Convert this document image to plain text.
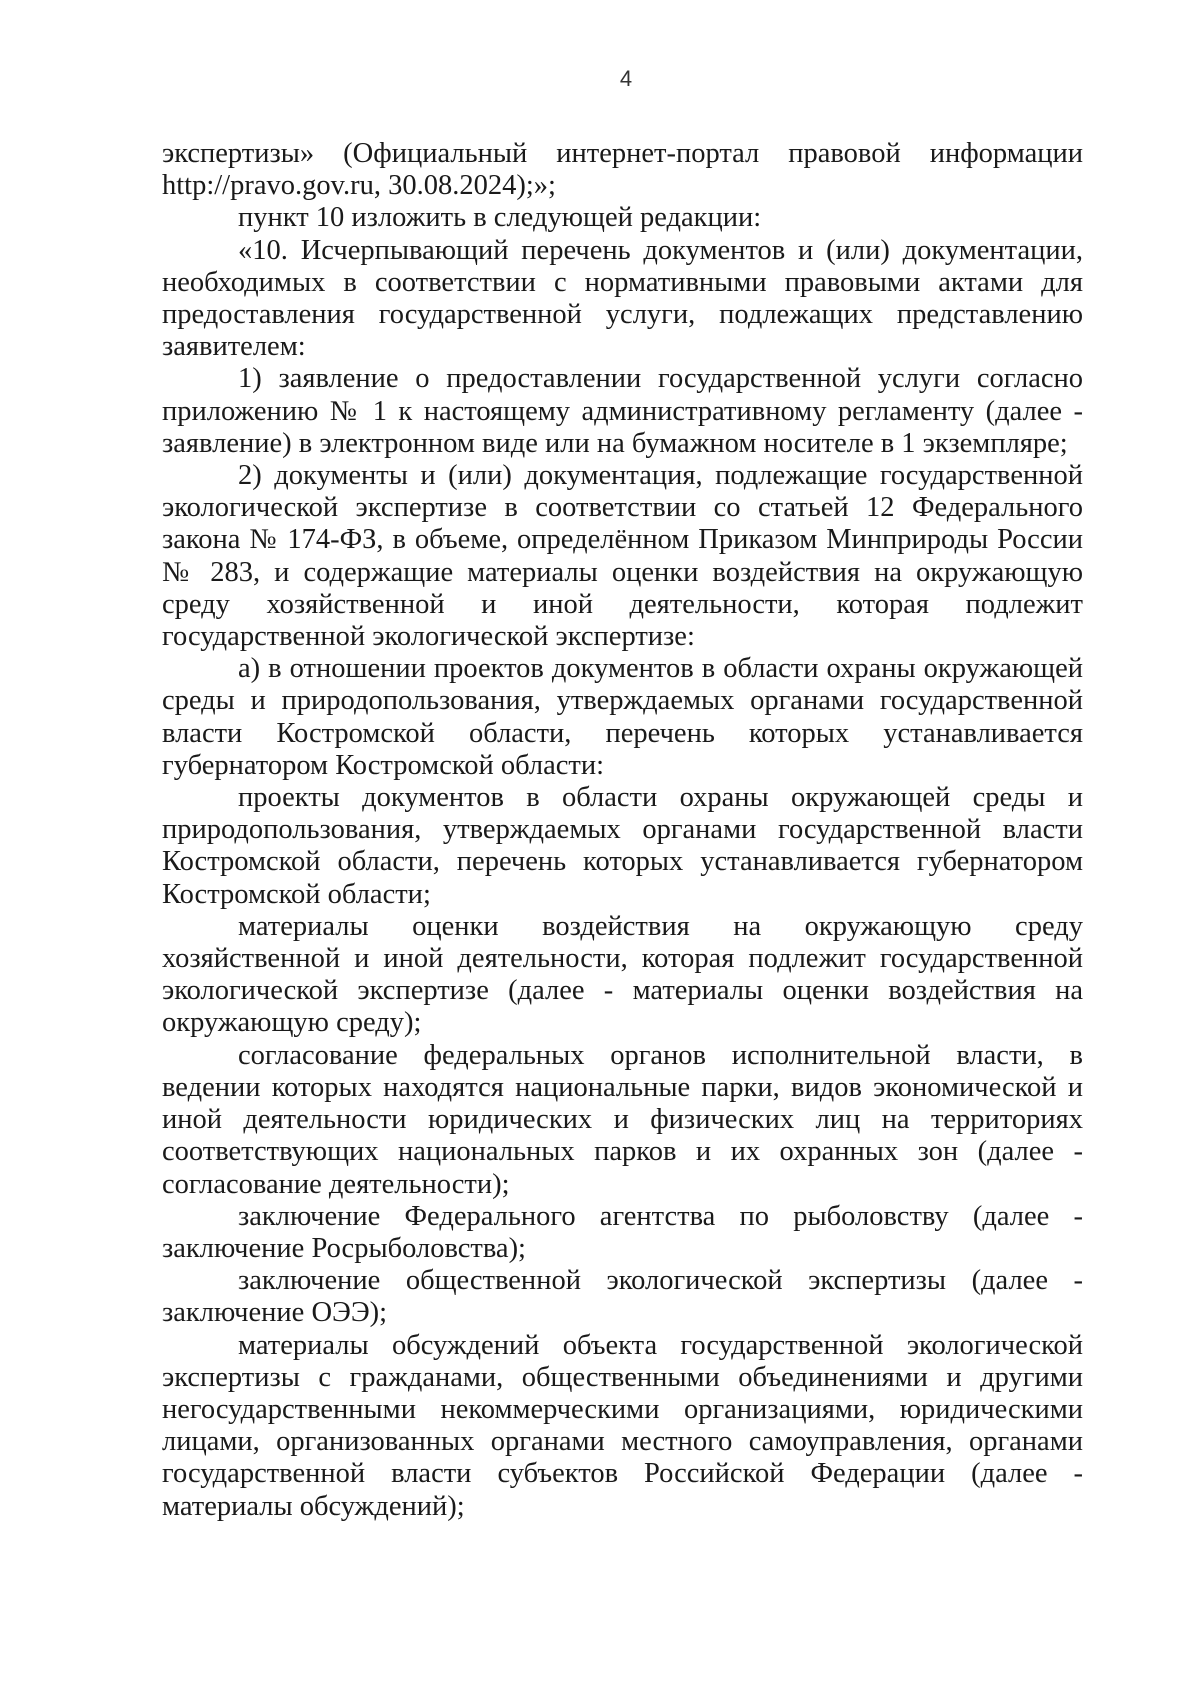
4

экспертизы» (Официальный интернет-портал правовой информации http://pravo.gov.ru, 30.08.2024);»;

пункт 10 изложить в следующей редакции:

«10. Исчерпывающий перечень документов и (или) документации, необходимых в соответствии с нормативными правовыми актами для предоставления государственной услуги, подлежащих представлению заявителем:

1) заявление о предоставлении государственной услуги согласно приложению № 1 к настоящему административному регламенту (далее - заявление) в электронном виде или на бумажном носителе в 1 экземпляре;

2) документы и (или) документация, подлежащие государственной экологической экспертизе в соответствии со статьей 12 Федерального закона № 174-ФЗ, в объеме, определённом Приказом Минприроды России № 283, и содержащие материалы оценки воздействия на окружающую среду хозяйственной и иной деятельности, которая подлежит государственной экологической экспертизе:

а) в отношении проектов документов в области охраны окружающей среды и природопользования, утверждаемых органами государственной власти Костромской области, перечень которых устанавливается губернатором Костромской области:

проекты документов в области охраны окружающей среды и природопользования, утверждаемых органами государственной власти Костромской области, перечень которых устанавливается губернатором Костромской области;

материалы оценки воздействия на окружающую среду хозяйственной и иной деятельности, которая подлежит государственной экологической экспертизе (далее - материалы оценки воздействия на окружающую среду);

согласование федеральных органов исполнительной власти, в ведении которых находятся национальные парки, видов экономической и иной деятельности юридических и физических лиц на территориях соответствующих национальных парков и их охранных зон (далее - согласование деятельности);

заключение Федерального агентства по рыболовству (далее - заключение Росрыболовства);

заключение общественной экологической экспертизы (далее - заключение ОЭЭ);

материалы обсуждений объекта государственной экологической экспертизы с гражданами, общественными объединениями и другими негосударственными некоммерческими организациями, юридическими лицами, организованных органами местного самоуправления, органами государственной власти субъектов Российской Федерации (далее - материалы обсуждений);
